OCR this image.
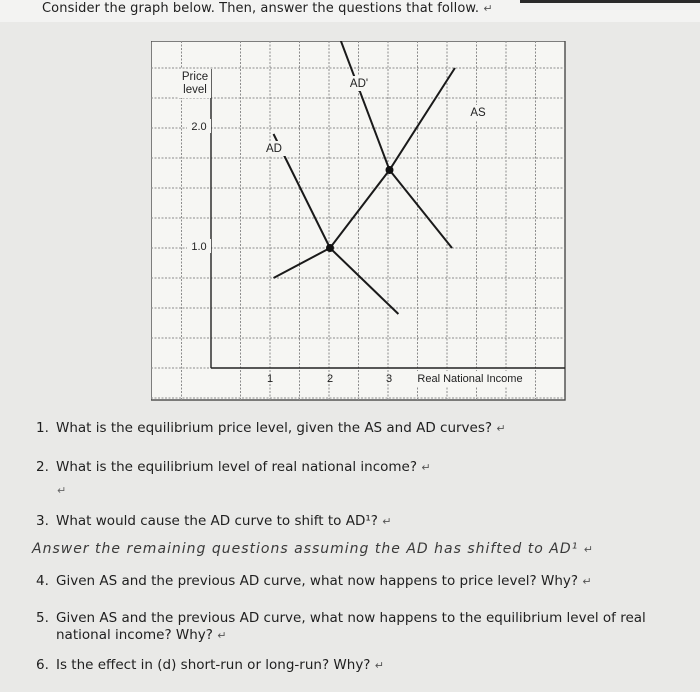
Consider the graph below. Then, answer the questions that follow. ↵
Price
level
2.0
1.0
1	2	3 Real National Income
AD
AD'
AS
1. What is the equilibrium price level, given the AS and AD curves? ↵
2. What is the equilibrium level of real national income? ↵
↵
3. What would cause the AD curve to shift to AD¹? ↵
Answer the remaining questions assuming the AD has shifted to AD¹ ↵
4. Given AS and the previous AD curve, what now happens to price level? Why? ↵
5. Given AS and the previous AD curve, what now happens to the equilibrium level of real
national income? Why? ↵
6. Is the effect in (d) short-run or long-run? Why? ↵
